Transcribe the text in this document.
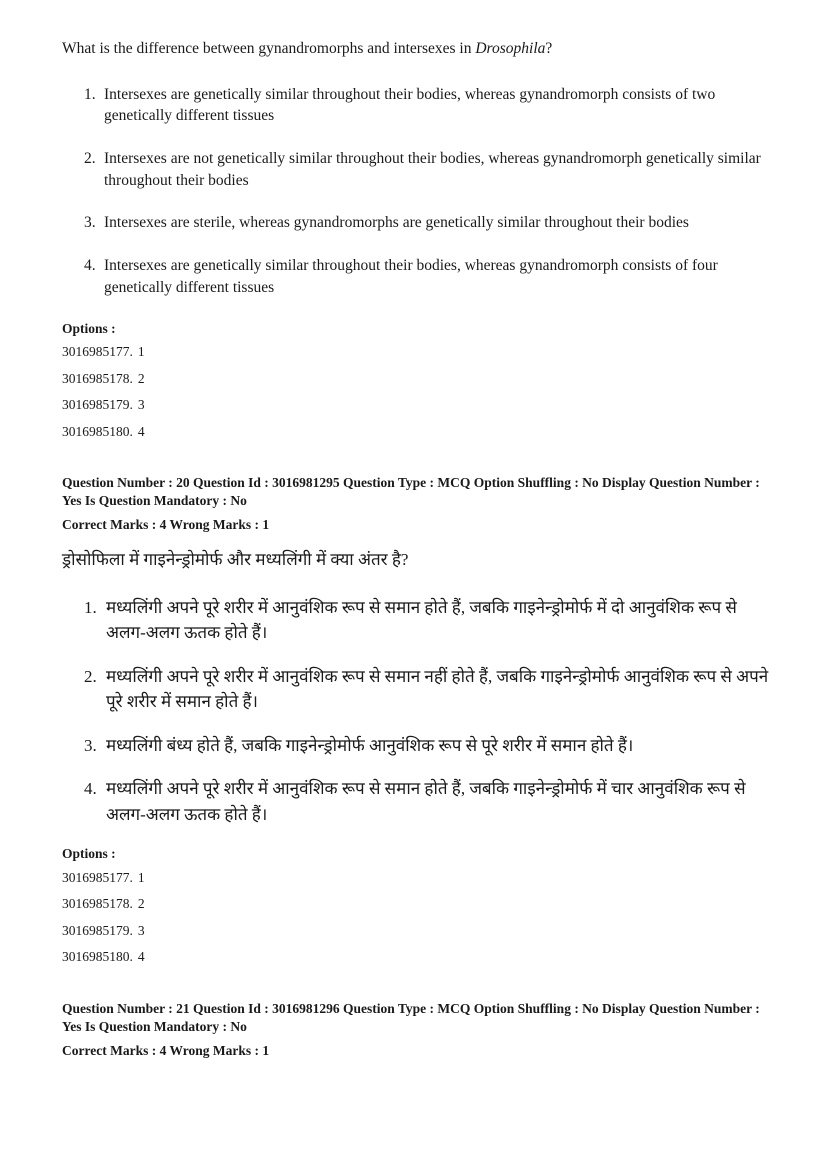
What is the difference between gynandromorphs and intersexes in Drosophila?

1. Intersexes are genetically similar throughout their bodies, whereas gynandromorph consists of two genetically different tissues
2. Intersexes are not genetically similar throughout their bodies, whereas gynandromorph genetically similar throughout their bodies
3. Intersexes are sterile, whereas gynandromorphs are genetically similar throughout their bodies
4. Intersexes are genetically similar throughout their bodies, whereas gynandromorph consists of four genetically different tissues

Options :

3016985177. 1
3016985178. 2
3016985179. 3
3016985180. 4

Question Number : 20 Question Id : 3016981295 Question Type : MCQ Option Shuffling : No Display Question Number : Yes Is Question Mandatory : No

Correct Marks : 4 Wrong Marks : 1

ड्रोसोफिला में गाइनेन्ड्रोमोर्फ और मध्यलिंगी में क्या अंतर है?

1. मध्यलिंगी अपने पूरे शरीर में आनुवंशिक रूप से समान होते हैं, जबकि गाइनेन्ड्रोमोर्फ में दो आनुवंशिक रूप से अलग-अलग ऊतक होते हैं।
2. मध्यलिंगी अपने पूरे शरीर में आनुवंशिक रूप से समान नहीं होते हैं, जबकि गाइनेन्ड्रोमोर्फ आनुवंशिक रूप से अपने पूरे शरीर में समान होते हैं।
3. मध्यलिंगी बंध्य होते हैं, जबकि गाइनेन्ड्रोमोर्फ आनुवंशिक रूप से पूरे शरीर में समान होते हैं।
4. मध्यलिंगी अपने पूरे शरीर में आनुवंशिक रूप से समान होते हैं, जबकि गाइनेन्ड्रोमोर्फ में चार आनुवंशिक रूप से अलग-अलग ऊतक होते हैं।

Options :

3016985177. 1
3016985178. 2
3016985179. 3
3016985180. 4

Question Number : 21 Question Id : 3016981296 Question Type : MCQ Option Shuffling : No Display Question Number : Yes Is Question Mandatory : No

Correct Marks : 4 Wrong Marks : 1
